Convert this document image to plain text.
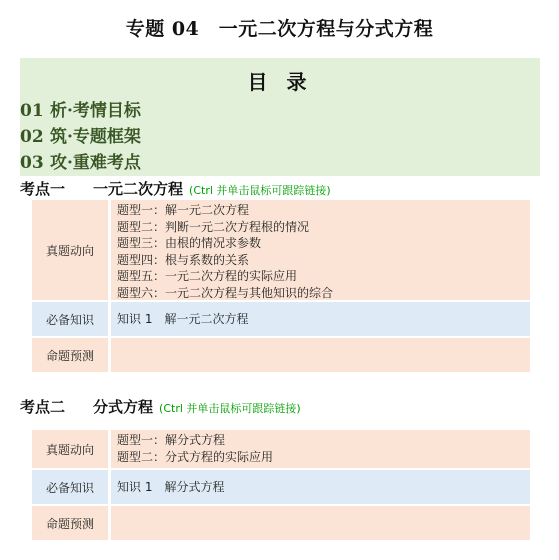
专题 04　一元二次方程与分式方程
目 录
01 析·考情目标
02 筑·专题框架
03 攻·重难考点
考点一 一元二次方程 (Ctrl 并单击鼠标可跟踪链接)
真题动向
题型一：解一元二次方程
题型二：判断一元二次方程根的情况
题型三：由根的情况求参数
题型四：根与系数的关系
题型五：一元二次方程的实际应用
题型六：一元二次方程与其他知识的综合
必备知识	知识 1　解一元二次方程
命题预测
考点二 分式方程 (Ctrl 并单击鼠标可跟踪链接)
真题动向
题型一：解分式方程
题型二：分式方程的实际应用
必备知识	知识 1　解分式方程
命题预测
